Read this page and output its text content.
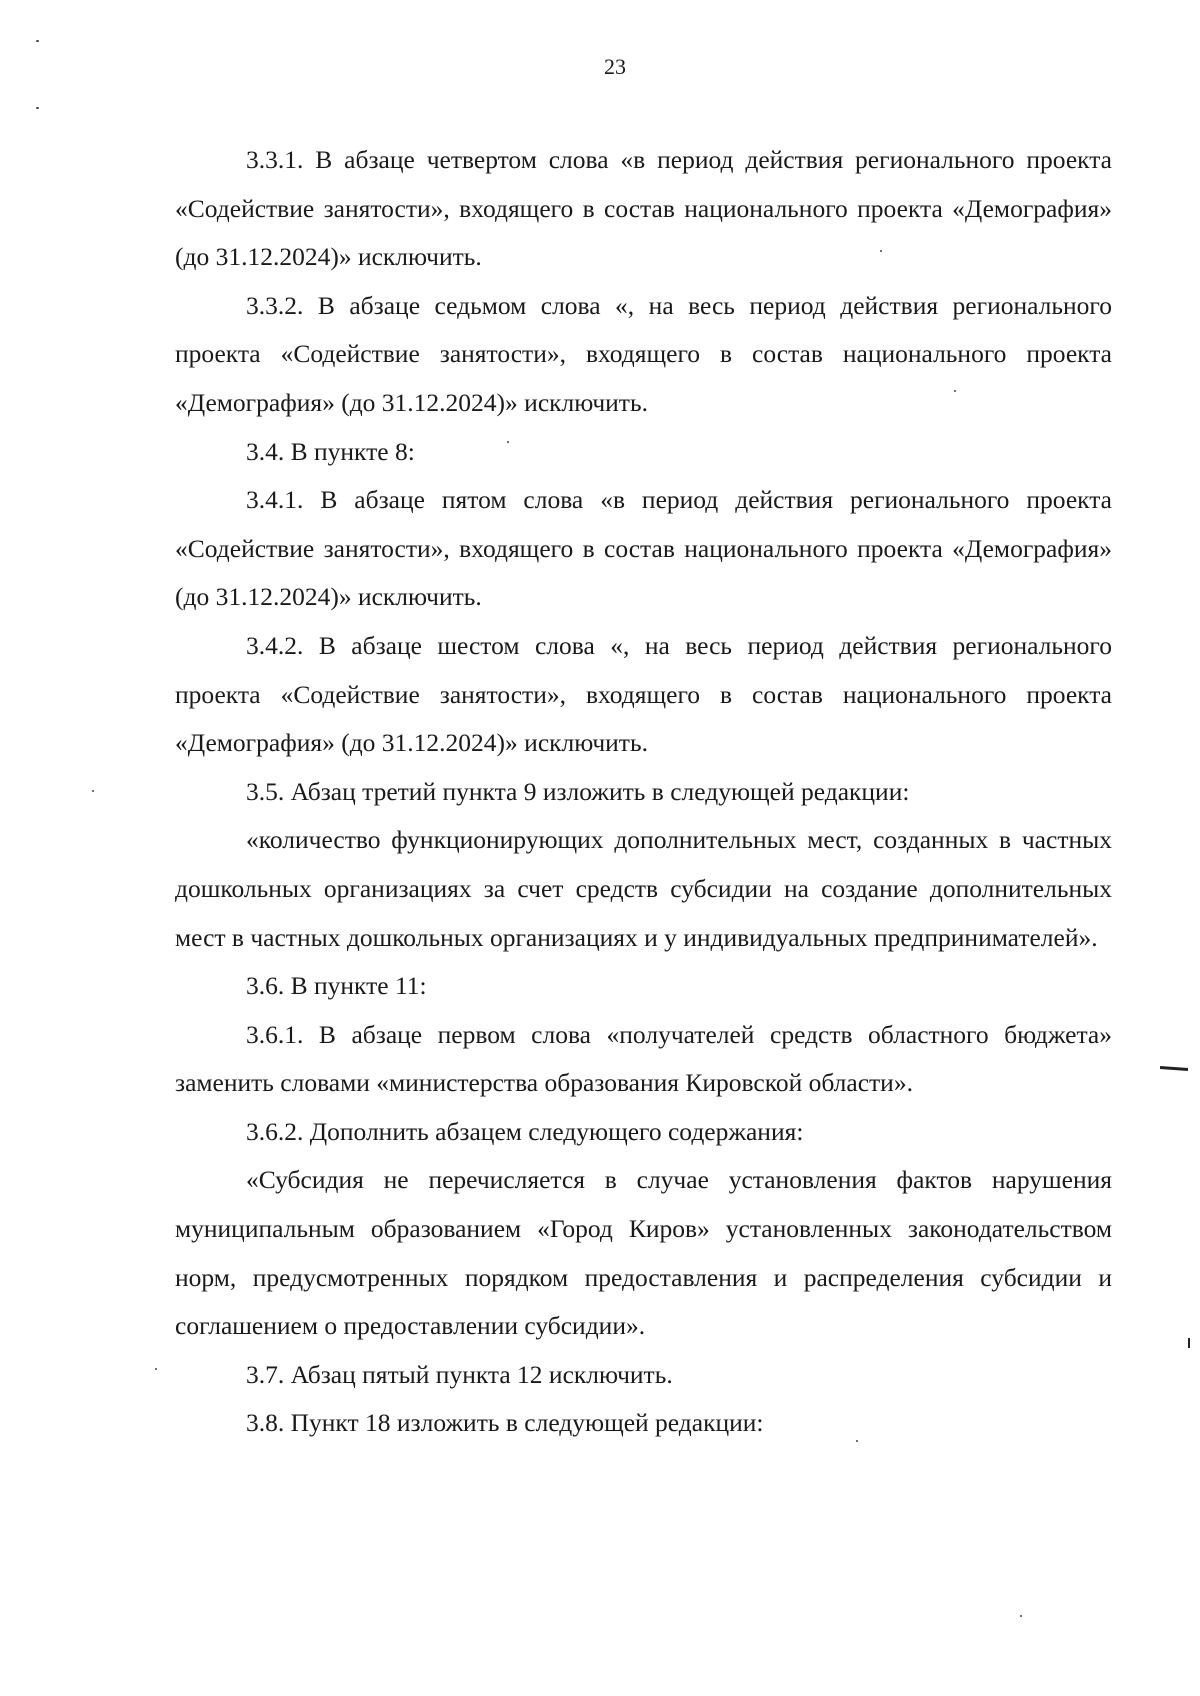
23

3.3.1. В абзаце четвертом слова «в период действия регионального проекта «Содействие занятости», входящего в состав национального проекта «Демография» (до 31.12.2024)» исключить.

3.3.2. В абзаце седьмом слова «, на весь период действия регионального проекта «Содействие занятости», входящего в состав национального проекта «Демография» (до 31.12.2024)» исключить.

3.4. В пункте 8:

3.4.1. В абзаце пятом слова «в период действия регионального проекта «Содействие занятости», входящего в состав национального проекта «Демография» (до 31.12.2024)» исключить.

3.4.2. В абзаце шестом слова «, на весь период действия регионального проекта «Содействие занятости», входящего в состав национального проекта «Демография» (до 31.12.2024)» исключить.

3.5. Абзац третий пункта 9 изложить в следующей редакции:

«количество функционирующих дополнительных мест, созданных в частных дошкольных организациях за счет средств субсидии на создание дополнительных мест в частных дошкольных организациях и у индивидуальных предпринимателей».

3.6. В пункте 11:

3.6.1. В абзаце первом слова «получателей средств областного бюджета» заменить словами «министерства образования Кировской области».

3.6.2. Дополнить абзацем следующего содержания:

«Субсидия не перечисляется в случае установления фактов нарушения муниципальным образованием «Город Киров» установленных законодательством норм, предусмотренных порядком предоставления и распределения субсидии и соглашением о предоставлении субсидии».

3.7. Абзац пятый пункта 12 исключить.

3.8. Пункт 18 изложить в следующей редакции:
